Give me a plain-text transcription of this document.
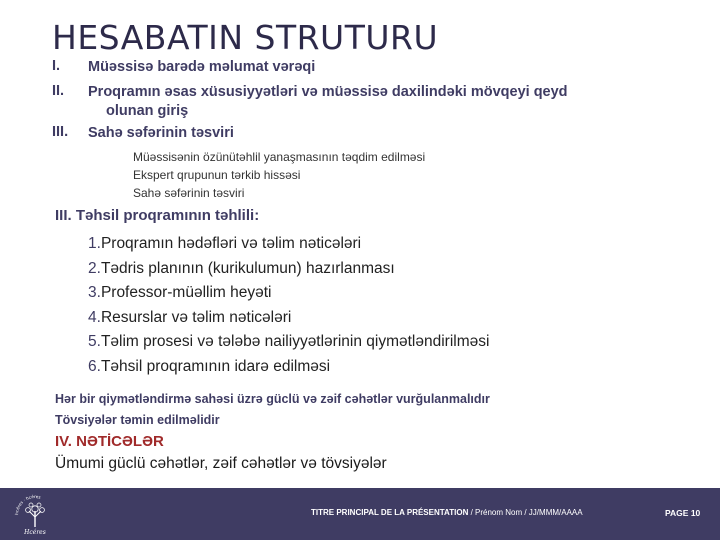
HESABATIN STRUTURU
I. Müəssisə barədə məlumat vərəqi
II. Proqramın əsas xüsusiyyətləri və müəssisə daxilindəki mövqeyi qeyd
olunan giriş
III. Sahə səfərinin təsviri
Müəssisənin özünütəhlil yanaşmasının təqdim edilməsi
Ekspert qrupunun tərkib hissəsi
Sahə səfərinin təsviri
III. Təhsil proqramının təhlili:
1.Proqramın hədəfləri və təlim nəticələri
2.Tədris planının (kurikulumun) hazırlanması
3.Professor-müəllim heyəti
4.Resurslar və təlim nəticələri
5.Təlim prosesi və tələbə nailiyyətlərinin qiymətləndirilməsi
6.Təhsil proqramının idarə edilməsi
Hər bir qiymətləndirmə sahəsi üzrə güclü və zəif cəhətlər vurğulanmalıdır
Tövsiyələr təmin edilməlidir
IV. NƏTİCƏLƏR
Ümumi güclü cəhətlər, zəif cəhətlər və tövsiyələr
hcéres · hcéres
Hcéres
TITRE PRINCIPAL DE LA PRÉSENTATION / Prénom Nom / JJ/MMM/AAAA	PAGE 10
